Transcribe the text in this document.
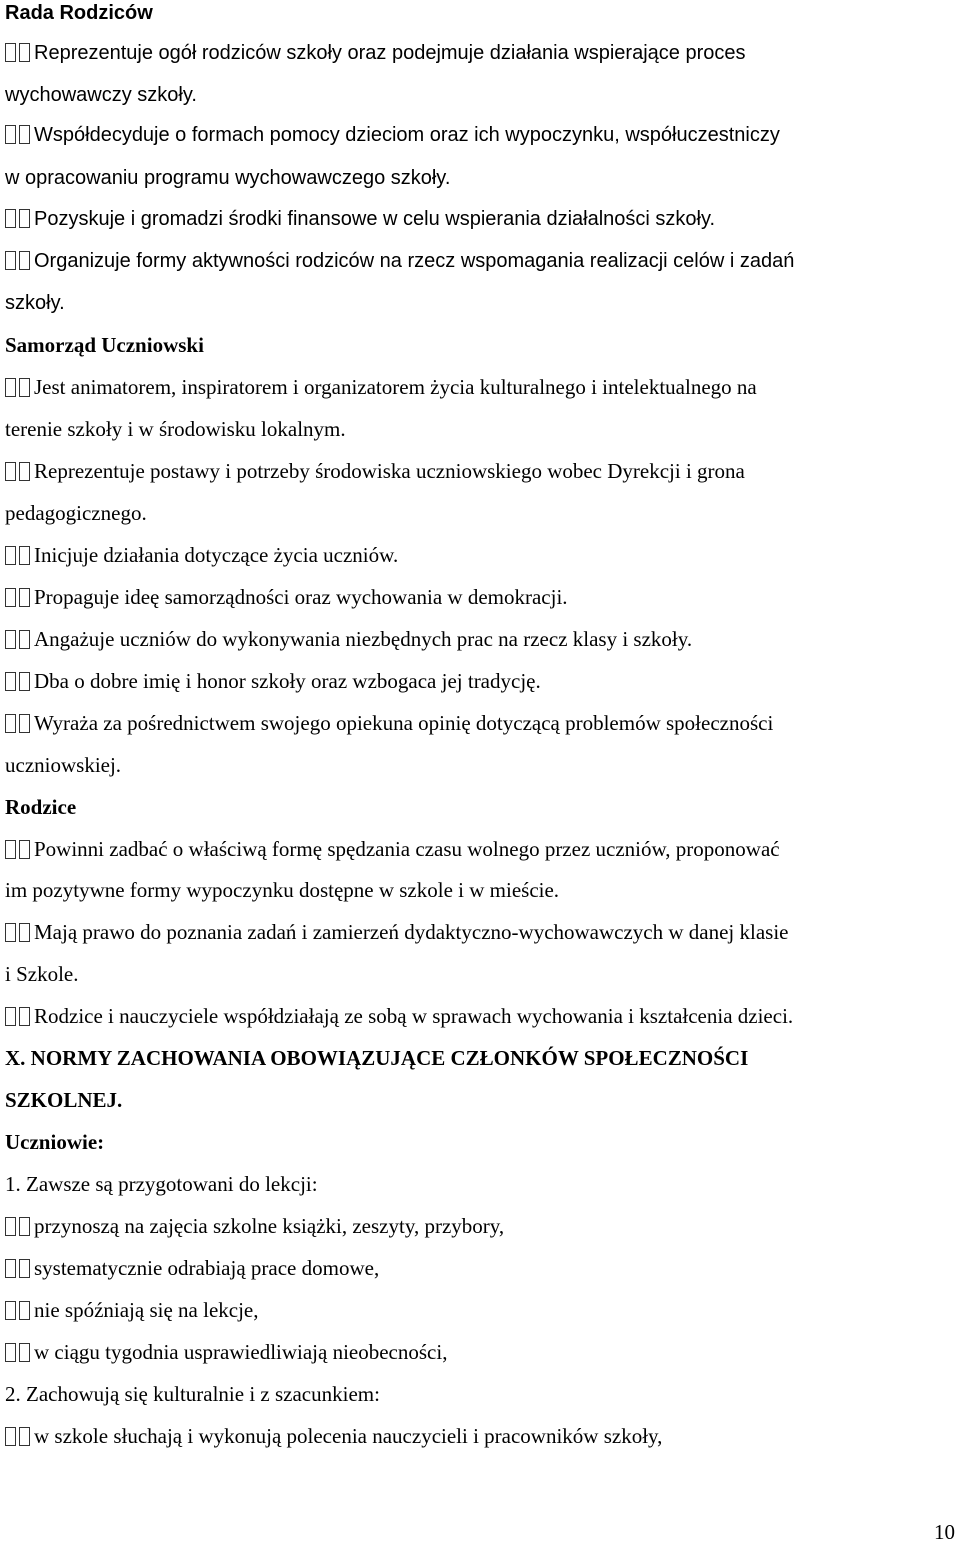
Rada Rodziców
Reprezentuje ogół rodziców szkoły oraz podejmuje działania wspierające proces
wychowawczy szkoły.
Współdecyduje o formach pomocy dzieciom oraz ich wypoczynku, współuczestniczy
w opracowaniu programu wychowawczego szkoły.
Pozyskuje i gromadzi środki finansowe w celu wspierania działalności szkoły.
Organizuje formy aktywności rodziców na rzecz wspomagania realizacji celów i zadań
szkoły.
Samorząd Uczniowski
Jest animatorem, inspiratorem i organizatorem życia kulturalnego i intelektualnego na
terenie szkoły i w środowisku lokalnym.
Reprezentuje postawy i potrzeby środowiska uczniowskiego wobec Dyrekcji i grona
pedagogicznego.
Inicjuje działania dotyczące życia uczniów.
Propaguje ideę samorządności oraz wychowania w demokracji.
Angażuje uczniów do wykonywania niezbędnych prac na rzecz klasy i szkoły.
Dba o dobre imię i honor szkoły oraz wzbogaca jej tradycję.
Wyraża za pośrednictwem swojego opiekuna opinię dotyczącą problemów społeczności
uczniowskiej.
Rodzice
Powinni zadbać o właściwą formę spędzania czasu wolnego przez uczniów, proponować
im pozytywne formy wypoczynku dostępne w szkole i w mieście.
Mają prawo do poznania zadań i zamierzeń dydaktyczno-wychowawczych w danej klasie
i Szkole.
Rodzice i nauczyciele współdziałają ze sobą w sprawach wychowania i kształcenia dzieci.
X. NORMY ZACHOWANIA OBOWIĄZUJĄCE CZŁONKÓW SPOŁECZNOŚCI
SZKOLNEJ.
Uczniowie:
1. Zawsze są przygotowani do lekcji:
przynoszą na zajęcia szkolne książki, zeszyty, przybory,
systematycznie odrabiają prace domowe,
nie spóźniają się na lekcje,
w ciągu tygodnia usprawiedliwiają nieobecności,
2. Zachowują się kulturalnie i z szacunkiem:
w szkole słuchają i wykonują polecenia nauczycieli i pracowników szkoły,
10
